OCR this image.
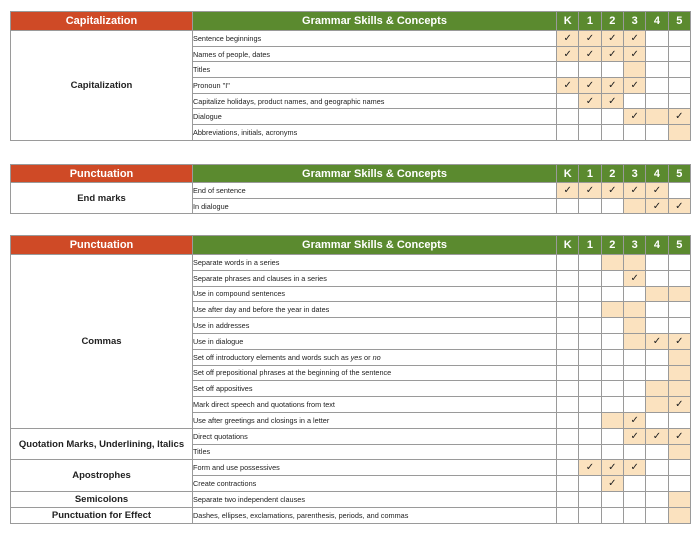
Capitalization	Grammar Skills & Concepts	K	1	2	3	4	5
Capitalization	Sentence beginnings	✓	✓	✓	✓		
	Names of people, dates	✓	✓	✓	✓		
	Titles						
	Pronoun "I"	✓	✓	✓	✓		
	Capitalize holidays, product names, and geographic names		✓	✓			
	Dialogue				✓		✓
	Abbreviations, initials, acronyms						
Punctuation	Grammar Skills & Concepts	K	1	2	3	4	5
End marks	End of sentence	✓	✓	✓	✓	✓	
	In dialogue					✓	✓
Punctuation	Grammar Skills & Concepts	K	1	2	3	4	5
Commas	Separate words in a series						
	Separate phrases and clauses in a series				✓		
	Use in compound sentences						
	Use after day and before the year in dates						
	Use in addresses						
	Use in dialogue					✓	✓
	Set off introductory elements and words such as yes or no						
	Set off prepositional phrases at the beginning of the sentence						
	Set off appositives						
	Mark direct speech and quotations from text						✓
	Use after greetings and closings in a letter				✓		
Quotation Marks, Underlining, Italics	Direct quotations				✓	✓	✓
	Titles						
Apostrophes	Form and use possessives		✓	✓	✓		
	Create contractions			✓			
Semicolons	Separate two independent clauses						
Punctuation for Effect	Dashes, ellipses, exclamations, parenthesis, periods, and commas						
